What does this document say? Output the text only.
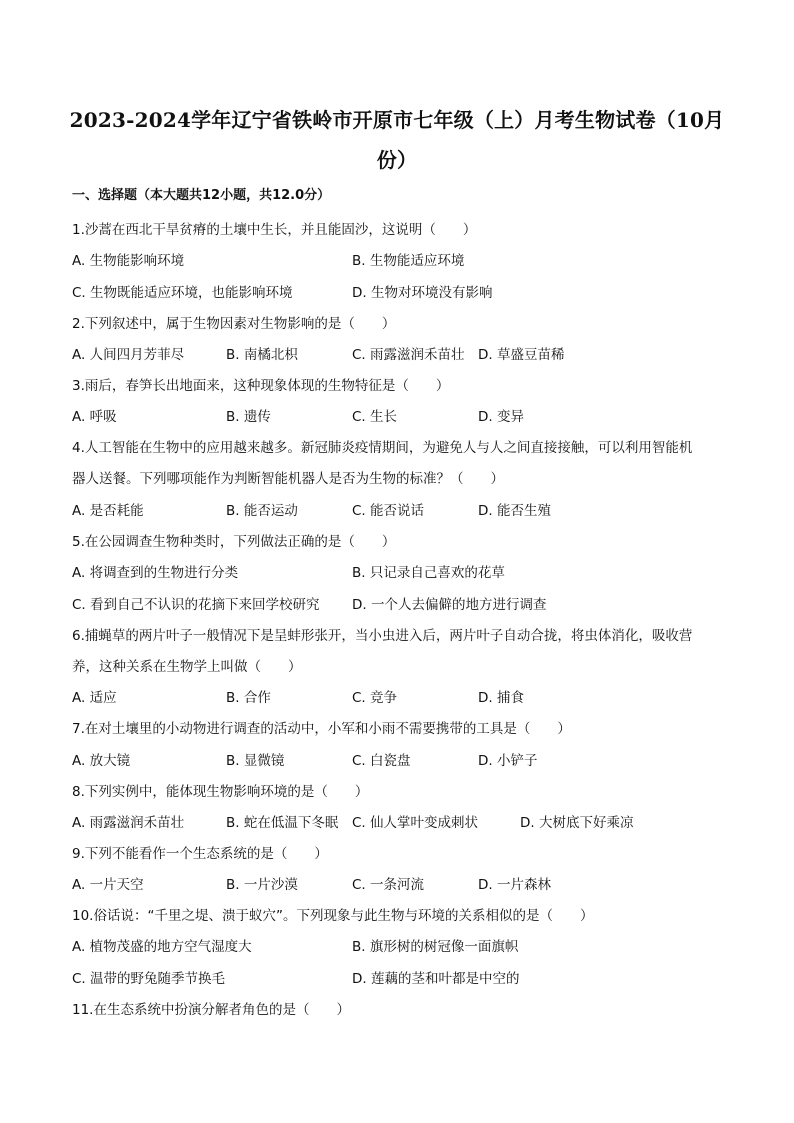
2023-2024学年辽宁省铁岭市开原市七年级（上）月考生物试卷（10月份）
一、选择题（本大题共12小题，共12.0分）
1.沙蒿在西北干旱贫瘠的土壤中生长，并且能固沙，这说明（　　）
A. 生物能影响环境	B. 生物能适应环境
C. 生物既能适应环境，也能影响环境	D. 生物对环境没有影响
2.下列叙述中，属于生物因素对生物影响的是（　　）
A. 人间四月芳菲尽	B. 南橘北枳	C. 雨露滋润禾苗壮 D. 草盛豆苗稀
3.雨后，春笋长出地面来，这种现象体现的生物特征是（　　）
A. 呼吸	B. 遗传	C. 生长	D. 变异
4.人工智能在生物中的应用越来越多。新冠肺炎疫情期间，为避免人与人之间直接接触，可以利用智能机
器人送餐。下列哪项能作为判断智能机器人是否为生物的标准？（　　）
A. 是否耗能	B. 能否运动	C. 能否说话	D. 能否生殖
5.在公园调查生物种类时，下列做法正确的是（　　）
A. 将调查到的生物进行分类	B. 只记录自己喜欢的花草
C. 看到自己不认识的花摘下来回学校研究 D. 一个人去偏僻的地方进行调查
6.捕蝇草的两片叶子一般情况下是呈蚌形张开，当小虫进入后，两片叶子自动合拢，将虫体消化，吸收营
养，这种关系在生物学上叫做（　　）
A. 适应	B. 合作	C. 竞争	D. 捕食
7.在对土壤里的小动物进行调查的活动中，小军和小雨不需要携带的工具是（　　）
A. 放大镜	B. 显微镜	C. 白瓷盘	D. 小铲子
8.下列实例中，能体现生物影响环境的是（　　）
A. 雨露滋润禾苗壮	B. 蛇在低温下冬眠 C. 仙人掌叶变成刺状	D. 大树底下好乘凉
9.下列不能看作一个生态系统的是（　　）
A. 一片天空	B. 一片沙漠	C. 一条河流	D. 一片森林
10.俗话说：“千里之堤、溃于蚁穴”。下列现象与此生物与环境的关系相似的是（　　）
A. 植物茂盛的地方空气湿度大	B. 旗形树的树冠像一面旗帜
C. 温带的野兔随季节换毛	D. 莲藕的茎和叶都是中空的
11.在生态系统中扮演分解者角色的是（　　）
